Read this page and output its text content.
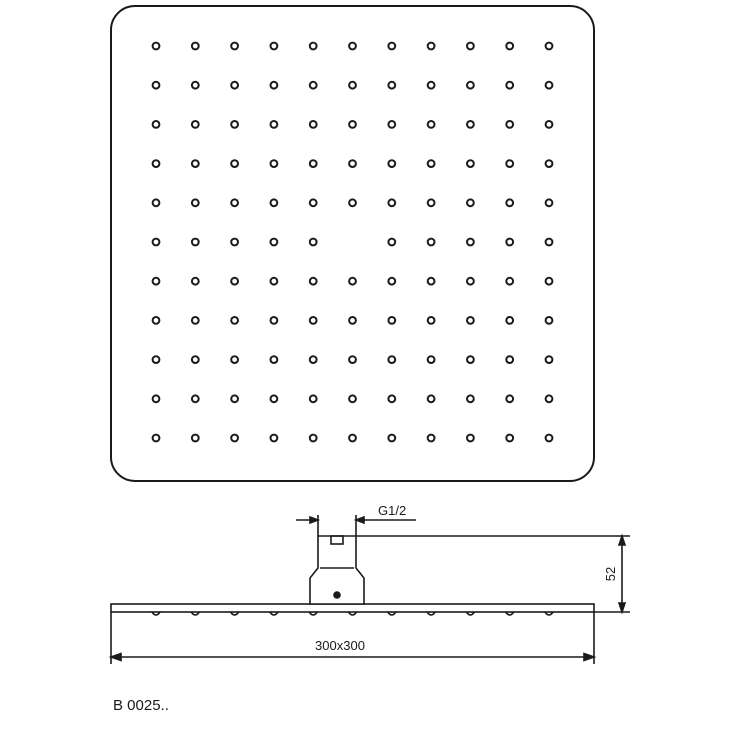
G1/2
52
300x300
B 0025..
